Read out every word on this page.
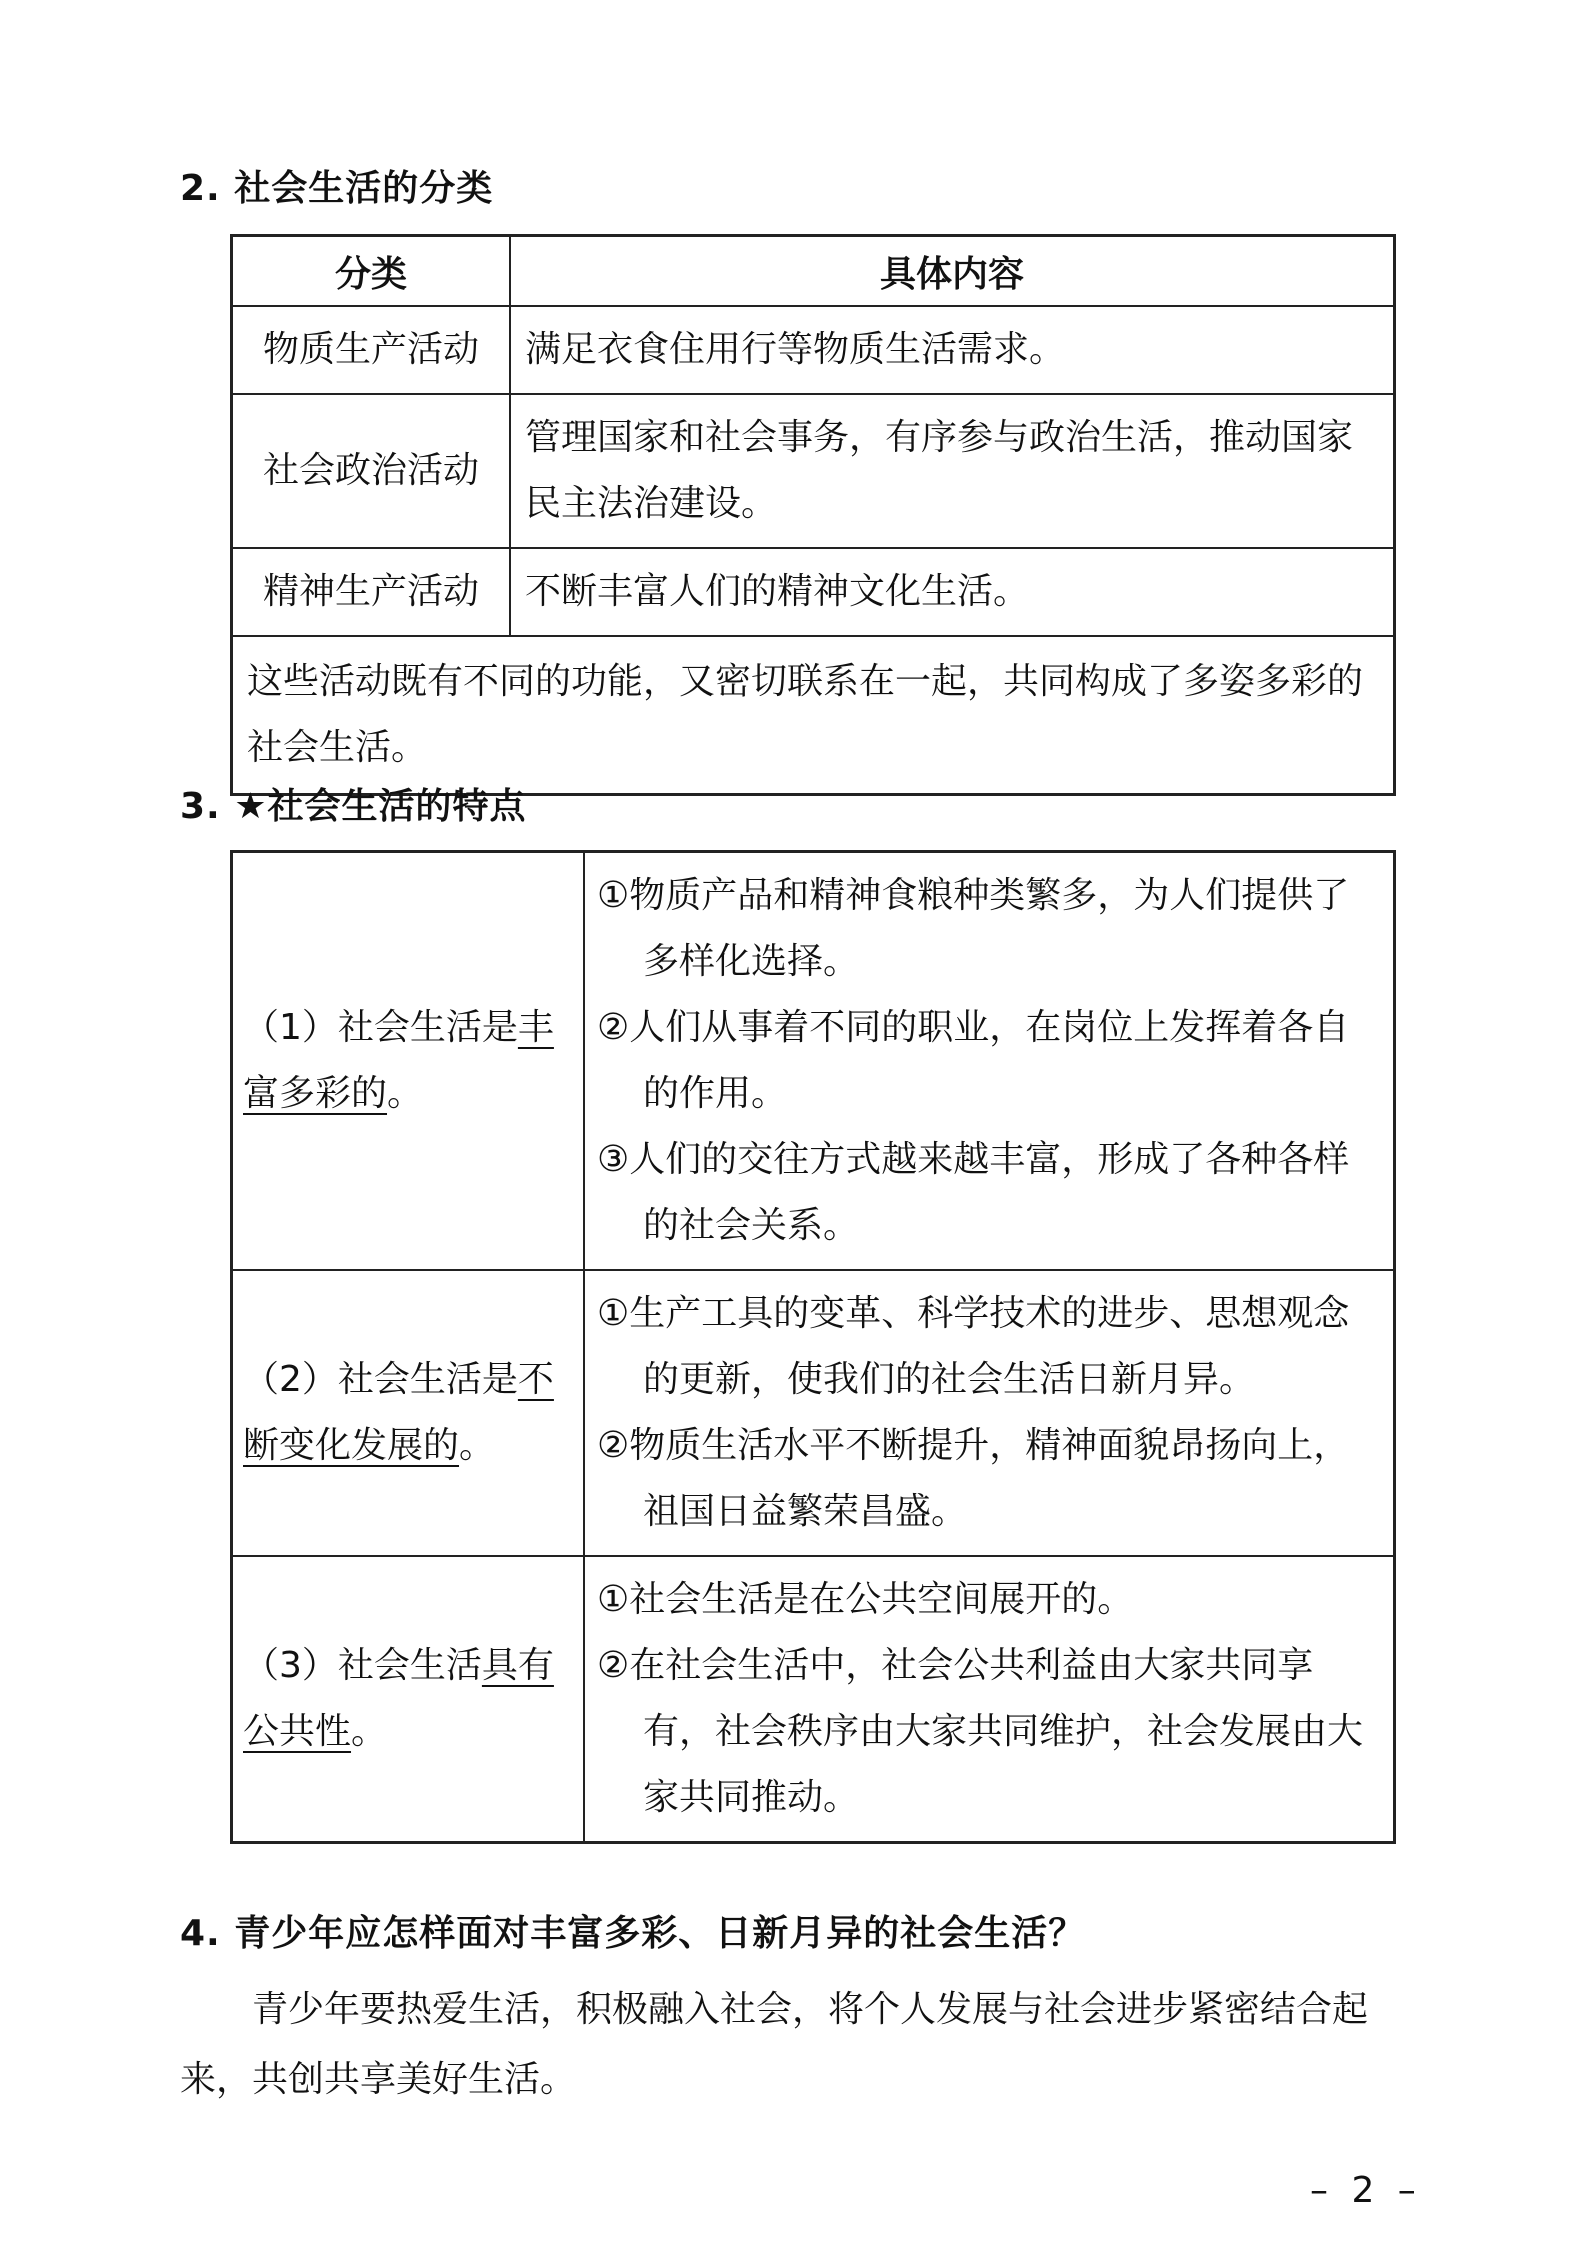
2. 社会生活的分类
分类	具体内容
物质生产活动	满足衣食住用行等物质生活需求。
社会政治活动	管理国家和社会事务，有序参与政治生活，推动国家民主法治建设。
精神生产活动	不断丰富人们的精神文化生活。
这些活动既有不同的功能，又密切联系在一起，共同构成了多姿多彩的社会生活。	
3. ★社会生活的特点
（1）社会生活是丰富多彩的。	①物质产品和精神食粮种类繁多，为人们提供了多样化选择。
②人们从事着不同的职业，在岗位上发挥着各自的作用。
③人们的交往方式越来越丰富，形成了各种各样的社会关系。

（2）社会生活是不断变化发展的。	①生产工具的变革、科学技术的进步、思想观念的更新，使我们的社会生活日新月异。
②物质生活水平不断提升，精神面貌昂扬向上，祖国日益繁荣昌盛。

（3）社会生活具有公共性。	①社会生活是在公共空间展开的。
②在社会生活中，社会公共利益由大家共同享有，社会秩序由大家共同维护，社会发展由大家共同推动。
4. 青少年应怎样面对丰富多彩、日新月异的社会生活？
青少年要热爱生活，积极融入社会，将个人发展与社会进步紧密结合起来，共创共享美好生活。
– 2 –
